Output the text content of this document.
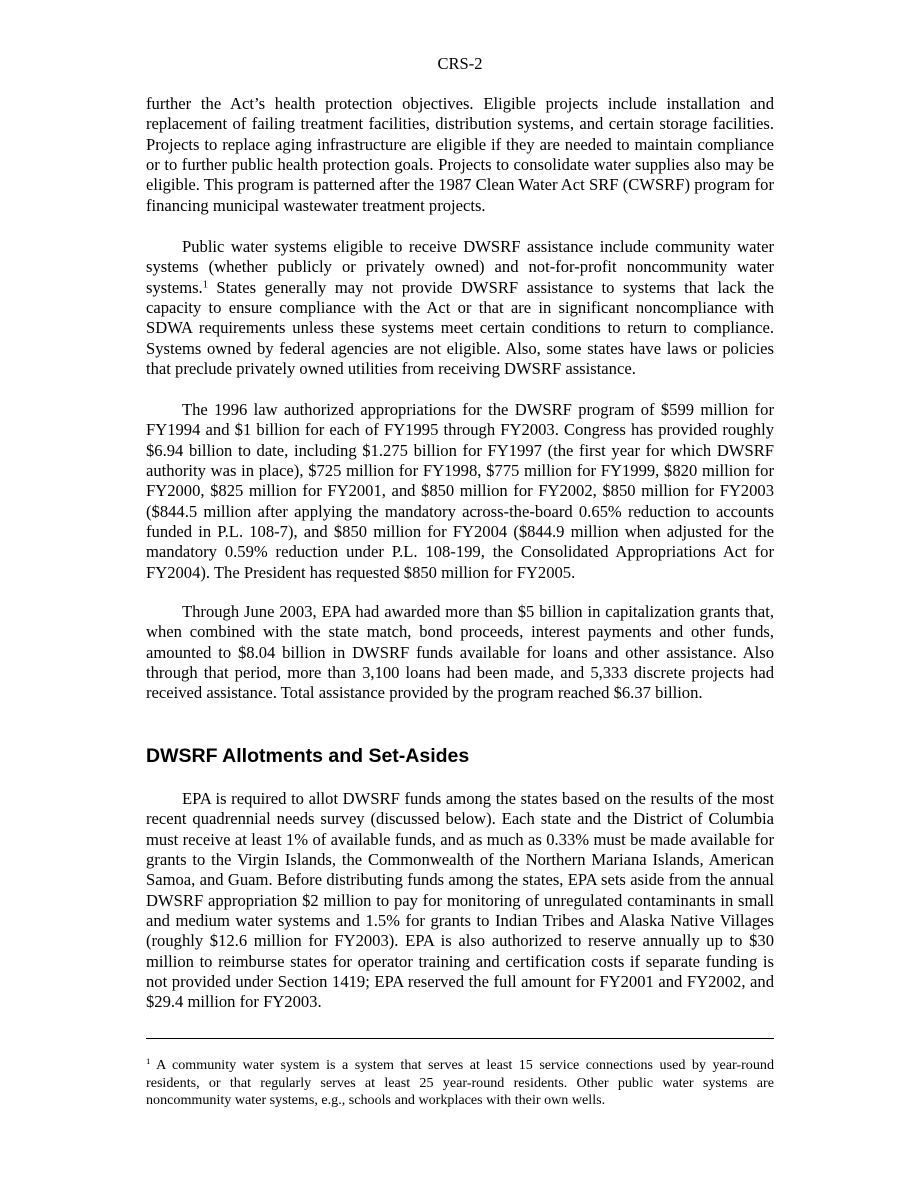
CRS-2

further the Act’s health protection objectives. Eligible projects include installation and replacement of failing treatment facilities, distribution systems, and certain storage facilities. Projects to replace aging infrastructure are eligible if they are needed to maintain compliance or to further public health protection goals. Projects to consolidate water supplies also may be eligible. This program is patterned after the 1987 Clean Water Act SRF (CWSRF) program for financing municipal wastewater treatment projects.

Public water systems eligible to receive DWSRF assistance include community water systems (whether publicly or privately owned) and not-for-profit noncommunity water systems.$^1$ States generally may not provide DWSRF assistance to systems that lack the capacity to ensure compliance with the Act or that are in significant noncompliance with SDWA requirements unless these systems meet certain conditions to return to compliance. Systems owned by federal agencies are not eligible. Also, some states have laws or policies that preclude privately owned utilities from receiving DWSRF assistance.

The 1996 law authorized appropriations for the DWSRF program of $599 million for FY1994 and $1 billion for each of FY1995 through FY2003. Congress has provided roughly $6.94 billion to date, including $1.275 billion for FY1997 (the first year for which DWSRF authority was in place), $725 million for FY1998, $775 million for FY1999, $820 million for FY2000, $825 million for FY2001, and $850 million for FY2002, $850 million for FY2003 ($844.5 million after applying the mandatory across-the-board 0.65% reduction to accounts funded in P.L. 108-7), and $850 million for FY2004 ($844.9 million when adjusted for the mandatory 0.59% reduction under P.L. 108-199, the Consolidated Appropriations Act for FY2004). The President has requested $850 million for FY2005.

Through June 2003, EPA had awarded more than $5 billion in capitalization grants that, when combined with the state match, bond proceeds, interest payments and other funds, amounted to $8.04 billion in DWSRF funds available for loans and other assistance. Also through that period, more than 3,100 loans had been made, and 5,333 discrete projects had received assistance. Total assistance provided by the program reached $6.37 billion.

DWSRF Allotments and Set-Asides

EPA is required to allot DWSRF funds among the states based on the results of the most recent quadrennial needs survey (discussed below). Each state and the District of Columbia must receive at least 1% of available funds, and as much as 0.33% must be made available for grants to the Virgin Islands, the Commonwealth of the Northern Mariana Islands, American Samoa, and Guam. Before distributing funds among the states, EPA sets aside from the annual DWSRF appropriation $2 million to pay for monitoring of unregulated contaminants in small and medium water systems and 1.5% for grants to Indian Tribes and Alaska Native Villages (roughly $12.6 million for FY2003). EPA is also authorized to reserve annually up to $30 million to reimburse states for operator training and certification costs if separate funding is not provided under Section 1419; EPA reserved the full amount for FY2001 and FY2002, and $29.4 million for FY2003.

$^1$ A community water system is a system that serves at least 15 service connections used by year-round residents, or that regularly serves at least 25 year-round residents. Other public water systems are noncommunity water systems, e.g., schools and workplaces with their own wells.
